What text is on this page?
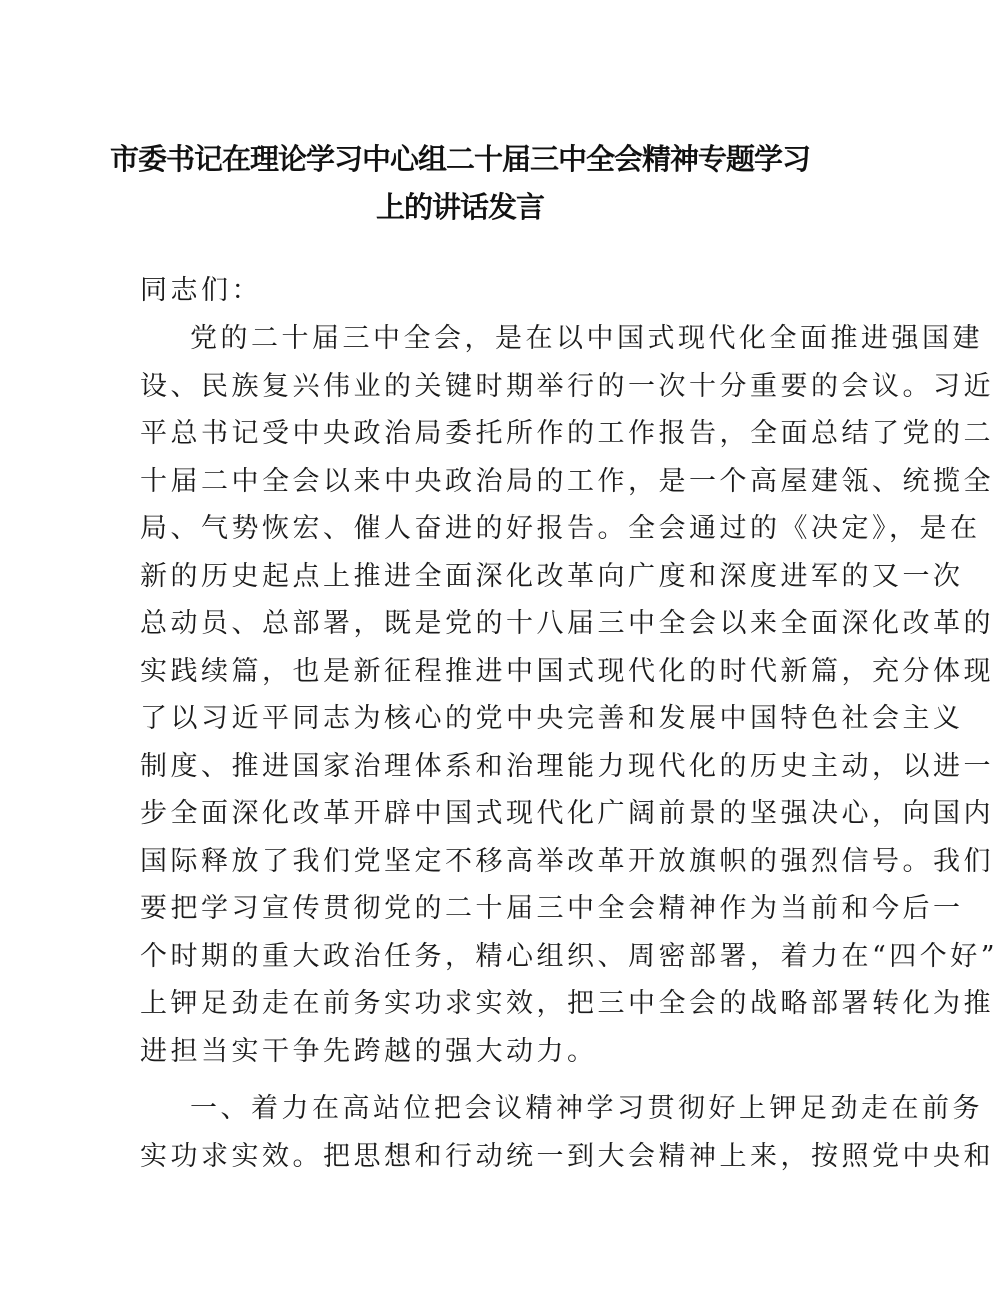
市委书记在理论学习中心组二十届三中全会精神专题学习
上的讲话发言

同志们：

党的二十届三中全会，是在以中国式现代化全面推进强国建

设、民族复兴伟业的关键时期举行的一次十分重要的会议。习近

平总书记受中央政治局委托所作的工作报告，全面总结了党的二

十届二中全会以来中央政治局的工作，是一个高屋建瓴、统揽全

局、气势恢宏、催人奋进的好报告。全会通过的《决定》，是在

新的历史起点上推进全面深化改革向广度和深度进军的又一次

总动员、总部署，既是党的十八届三中全会以来全面深化改革的

实践续篇，也是新征程推进中国式现代化的时代新篇，充分体现

了以习近平同志为核心的党中央完善和发展中国特色社会主义

制度、推进国家治理体系和治理能力现代化的历史主动，以进一

步全面深化改革开辟中国式现代化广阔前景的坚强决心，向国内

国际释放了我们党坚定不移高举改革开放旗帜的强烈信号。我们

要把学习宣传贯彻党的二十届三中全会精神作为当前和今后一

个时期的重大政治任务，精心组织、周密部署，着力在“四个好”

上钾足劲走在前务实功求实效，把三中全会的战略部署转化为推

进担当实干争先跨越的强大动力。

一、着力在高站位把会议精神学习贯彻好上钾足劲走在前务

实功求实效。把思想和行动统一到大会精神上来，按照党中央和
